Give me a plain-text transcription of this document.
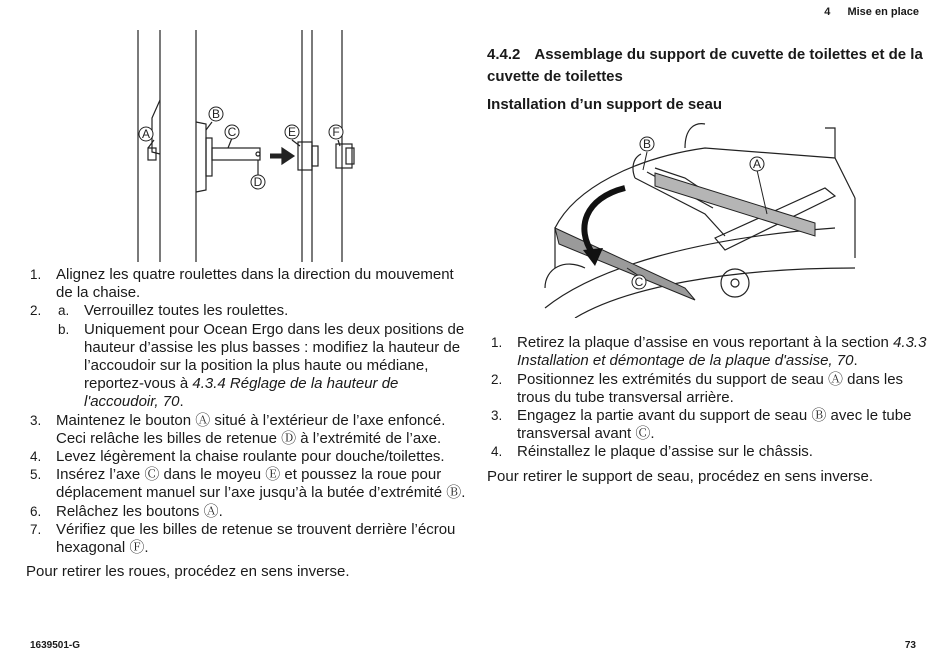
4 Mise en place
A
B
C
D
E	F
1. Alignez les quatre roulettes dans la direction du mouvement de la chaise.
2. a. Verrouillez toutes les roulettes.
b. Uniquement pour Ocean Ergo dans les deux positions de hauteur d’assise les plus basses : modifiez la hauteur de l’accoudoir sur la position la plus haute ou médiane, reportez-vous à 4.3.4 Réglage de la hauteur de l'accoudoir, 70.
3. Maintenez le bouton Ⓐ situé à l’extérieur de l’axe enfoncé. Ceci relâche les billes de retenue Ⓓ à l’extrémité de l’axe.
4. Levez légèrement la chaise roulante pour douche/toilettes.
5. Insérez l’axe Ⓒ dans le moyeu Ⓔ et poussez la roue pour déplacement manuel sur l’axe jusqu’à la butée d’extrémité Ⓑ.
6. Relâchez les boutons Ⓐ.
7. Vérifiez que les billes de retenue se trouvent derrière l’écrou hexagonal Ⓕ.
Pour retirer les roues, procédez en sens inverse.
4.4.2 Assemblage du support de cuvette de toilettes et de la cuvette de toilettes
Installation d’un support de seau
1. Retirez la plaque d’assise en vous reportant à la section 4.3.3 Installation et démontage de la plaque d'assise, 70.
2. Positionnez les extrémités du support de seau Ⓐ dans les trous du tube transversal arrière.
3. Engagez la partie avant du support de seau Ⓑ avec le tube transversal avant Ⓒ.
4. Réinstallez le plaque d’assise sur le châssis.
Pour retirer le support de seau, procédez en sens inverse.
B
A
C
1639501-G	73
